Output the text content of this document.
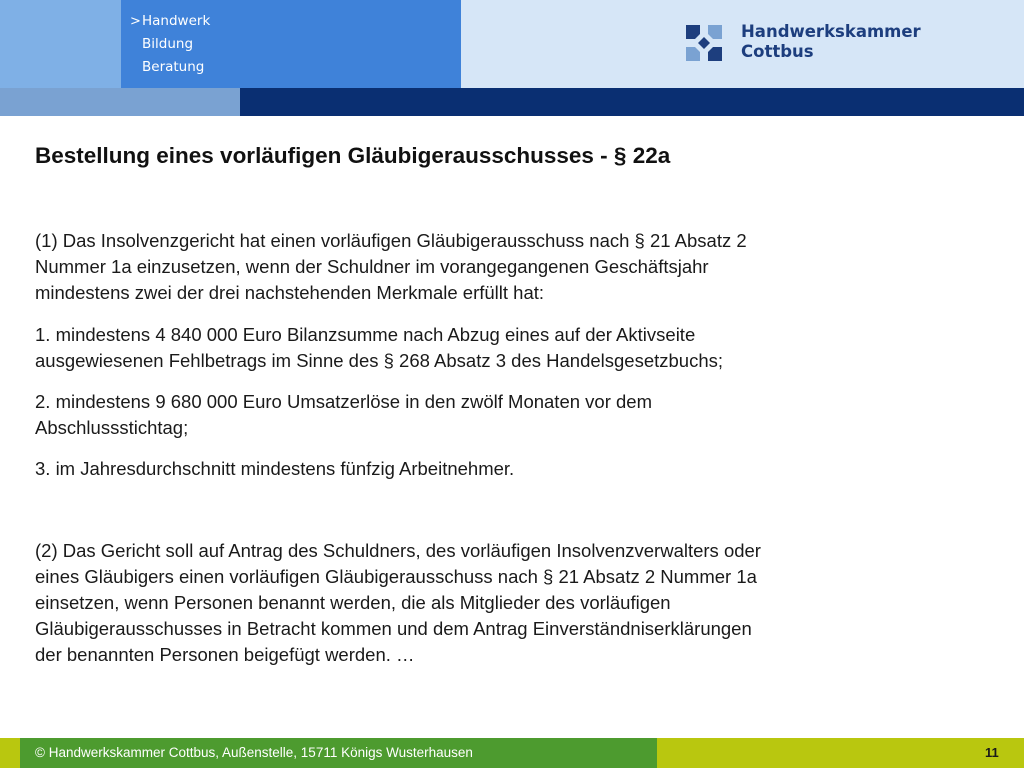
>Handwerk
Bildung
Beratung
Handwerkskammer
Cottbus
Bestellung eines vorläufigen Gläubigerausschusses - § 22a
(1) Das Insolvenzgericht hat einen vorläufigen Gläubigerausschuss nach § 21 Absatz 2
Nummer 1a einzusetzen, wenn der Schuldner im vorangegangenen Geschäftsjahr
mindestens zwei der drei nachstehenden Merkmale erfüllt hat:
1. mindestens 4 840 000 Euro Bilanzsumme nach Abzug eines auf der Aktivseite
ausgewiesenen Fehlbetrags im Sinne des § 268 Absatz 3 des Handelsgesetzbuchs;
2. mindestens 9 680 000 Euro Umsatzerlöse in den zwölf Monaten vor dem
Abschlussstichtag;
3. im Jahresdurchschnitt mindestens fünfzig Arbeitnehmer.
(2) Das Gericht soll auf Antrag des Schuldners, des vorläufigen Insolvenzverwalters oder
eines Gläubigers einen vorläufigen Gläubigerausschuss nach § 21 Absatz 2 Nummer 1a
einsetzen, wenn Personen benannt werden, die als Mitglieder des vorläufigen
Gläubigerausschusses in Betracht kommen und dem Antrag Einverständniserklärungen
der benannten Personen beigefügt werden. …
© Handwerkskammer Cottbus, Außenstelle, 15711 Königs Wusterhausen	11
